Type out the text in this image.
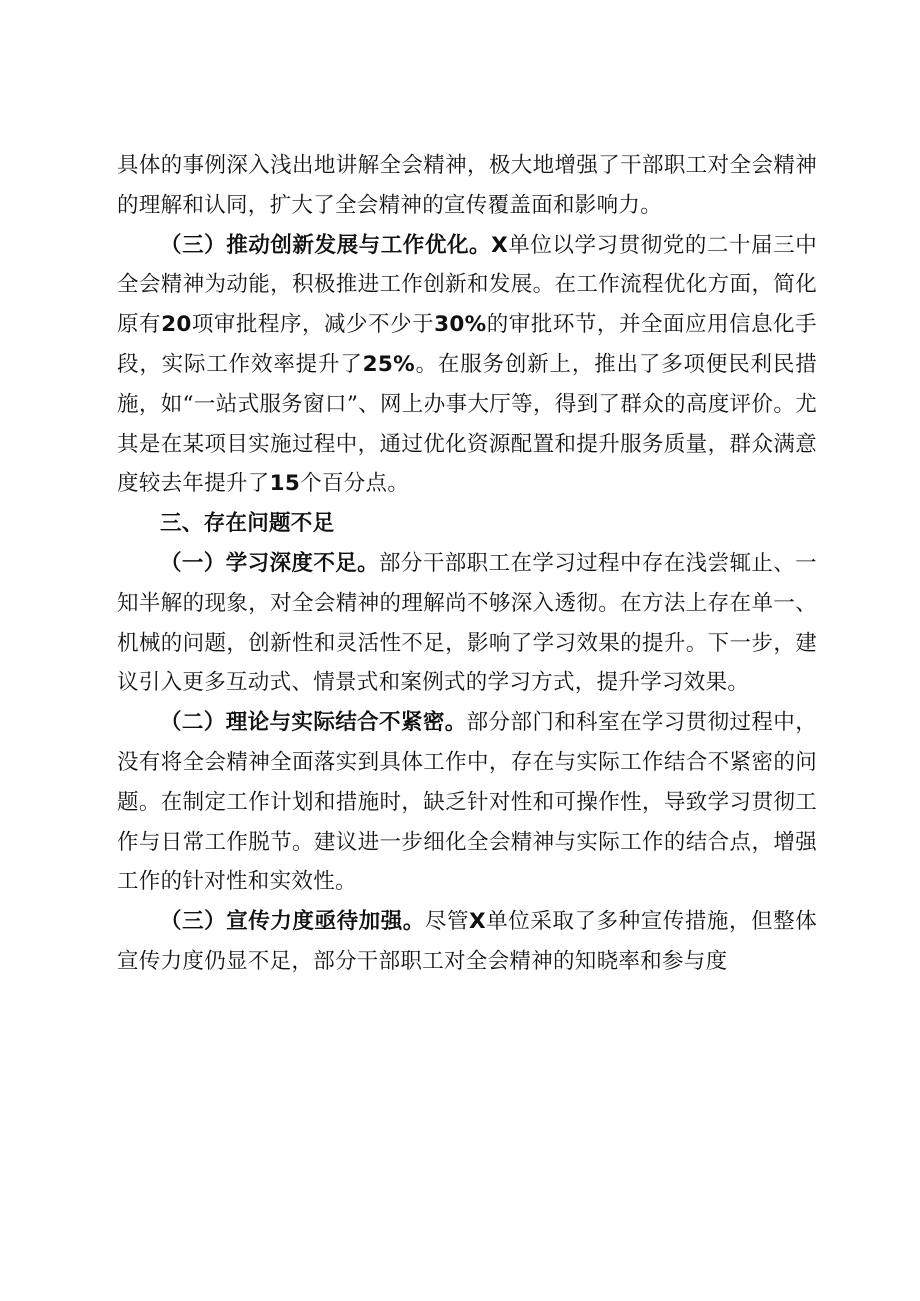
具体的事例深入浅出地讲解全会精神，极大地增强了干部职工对全会精神的理解和认同，扩大了全会精神的宣传覆盖面和影响力。

（三）推动创新发展与工作优化。X单位以学习贯彻党的二十届三中全会精神为动能，积极推进工作创新和发展。在工作流程优化方面，简化原有20项审批程序，减少不少于30%的审批环节，并全面应用信息化手段，实际工作效率提升了25%。在服务创新上，推出了多项便民利民措施，如“一站式服务窗口”、网上办事大厅等，得到了群众的高度评价。尤其是在某项目实施过程中，通过优化资源配置和提升服务质量，群众满意度较去年提升了15个百分点。

三、存在问题不足

（一）学习深度不足。部分干部职工在学习过程中存在浅尝辄止、一知半解的现象，对全会精神的理解尚不够深入透彻。在方法上存在单一、机械的问题，创新性和灵活性不足，影响了学习效果的提升。下一步，建议引入更多互动式、情景式和案例式的学习方式，提升学习效果。

（二）理论与实际结合不紧密。部分部门和科室在学习贯彻过程中，没有将全会精神全面落实到具体工作中，存在与实际工作结合不紧密的问题。在制定工作计划和措施时，缺乏针对性和可操作性，导致学习贯彻工作与日常工作脱节。建议进一步细化全会精神与实际工作的结合点，增强工作的针对性和实效性。

（三）宣传力度亟待加强。尽管X单位采取了多种宣传措施，但整体宣传力度仍显不足，部分干部职工对全会精神的知晓率和参与度
